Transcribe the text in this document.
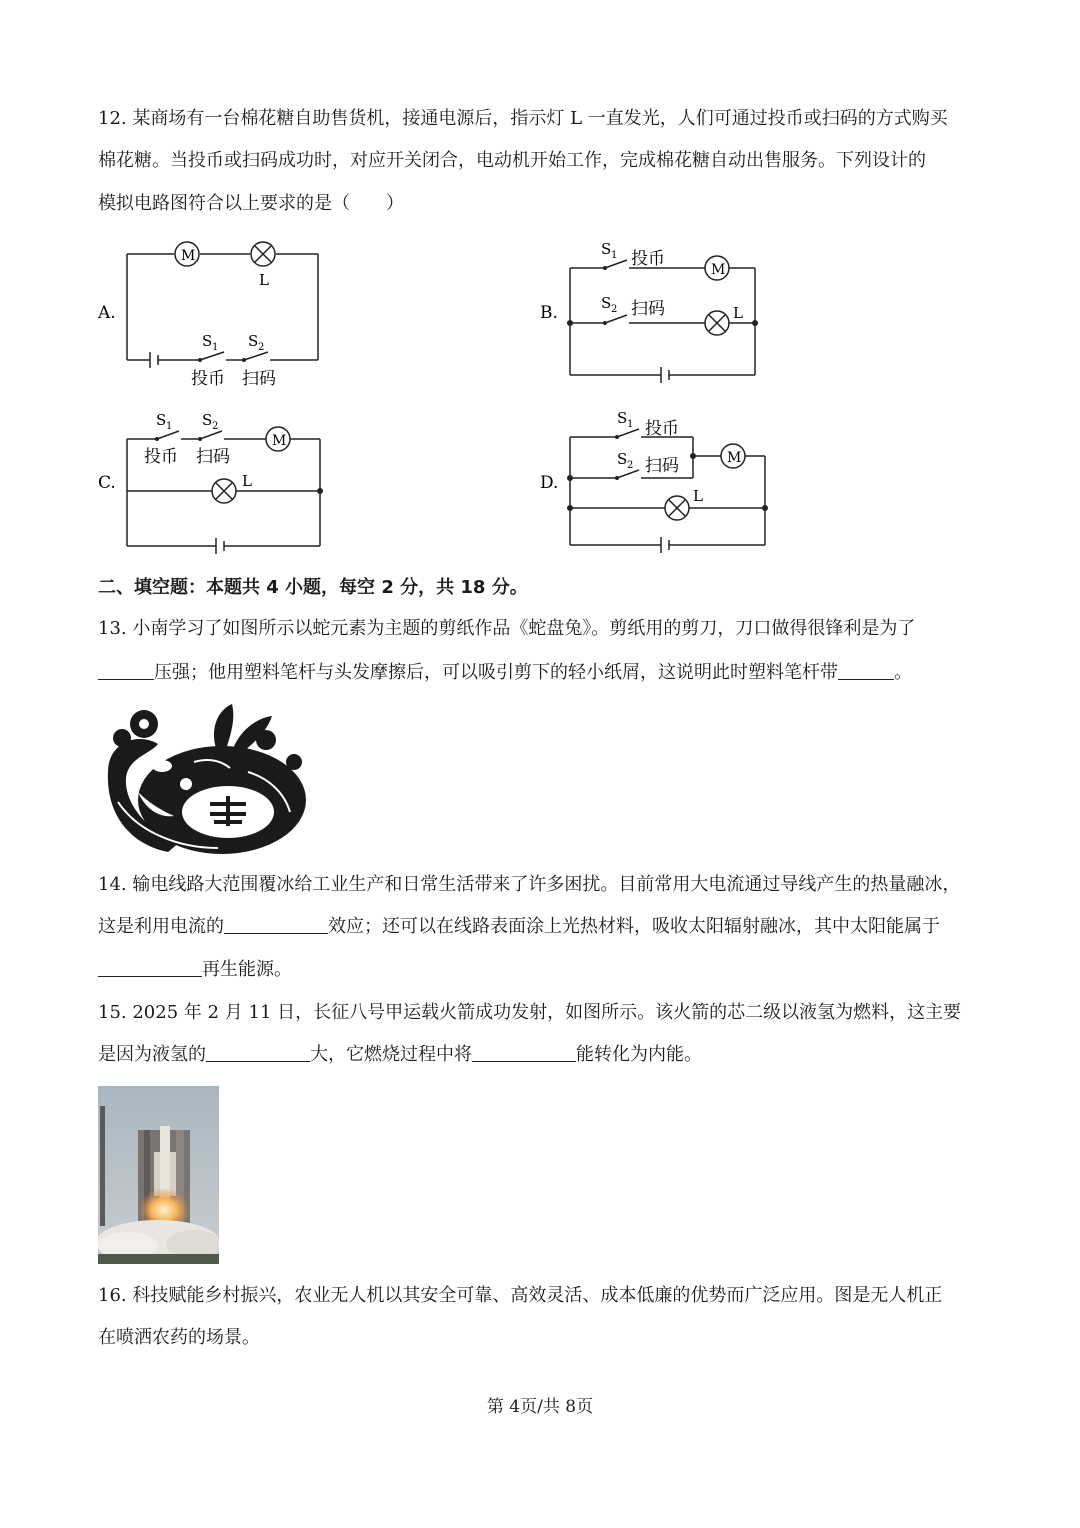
12. 某商场有一台棉花糖自助售货机，接通电源后，指示灯 L 一直发光，人们可通过投币或扫码的方式购买

棉花糖。当投币或扫码成功时，对应开关闭合，电动机开始工作，完成棉花糖自动出售服务。下列设计的

模拟电路图符合以上要求的是（　　）

A.
M
L
S 1 S 2
投币 扫码
B.
M
L
S 1 投币
S 2 扫码
C.
M
L
S 1 S 2
投币 扫码
D.
M
L
S 1 投币
S 2 扫码
二、填空题：本题共 4 小题，每空 2 分，共 18 分。

13. 小南学习了如图所示以蛇元素为主题的剪纸作品《蛇盘兔》。剪纸用的剪刀，刀口做得很锋利是为了

压强；他用塑料笔杆与头发摩擦后，可以吸引剪下的轻小纸屑，这说明此时塑料笔杆带	。

14. 输电线路大范围覆冰给工业生产和日常生活带来了许多困扰。目前常用大电流通过导线产生的热量融冰，

这是利用电流的	效应；还可以在线路表面涂上光热材料，吸收太阳辐射融冰，其中太阳能属于

再生能源。

15. 2025 年 2 月 11 日，长征八号甲运载火箭成功发射，如图所示。该火箭的芯二级以液氢为燃料，这主要

是因为液氢的	大，它燃烧过程中将	能转化为内能。

16. 科技赋能乡村振兴，农业无人机以其安全可靠、高效灵活、成本低廉的优势而广泛应用。图是无人机正

在喷洒农药的场景。

第 4页/共 8页
